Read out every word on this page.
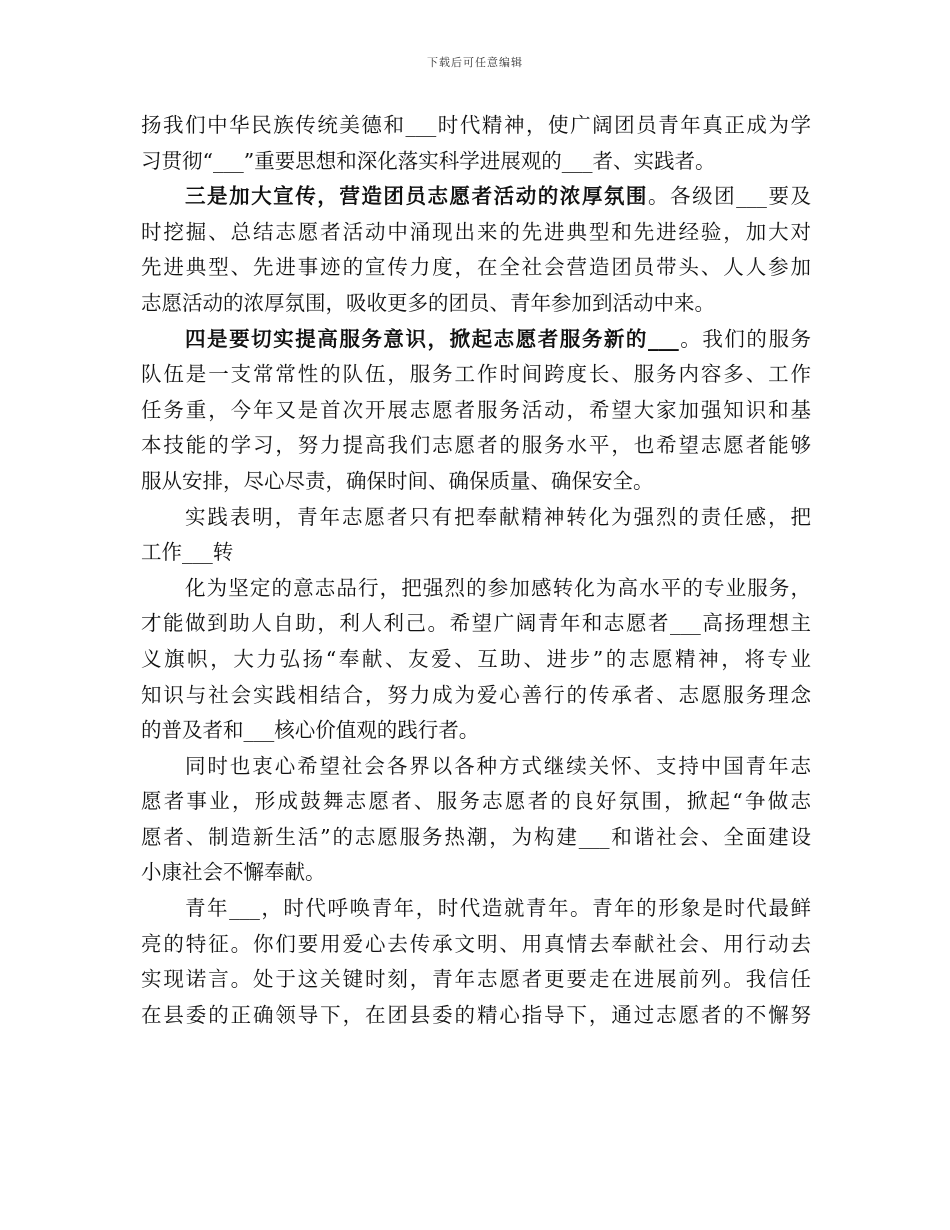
下载后可任意编辑
扬我们中华民族传统美德和___时代精神，使广阔团员青年真正成为学
习贯彻“___”重要思想和深化落实科学进展观的___者、实践者。
三是加大宣传，营造团员志愿者活动的浓厚氛围。各级团___要及
时挖掘、总结志愿者活动中涌现出来的先进典型和先进经验，加大对
先进典型、先进事迹的宣传力度，在全社会营造团员带头、人人参加
志愿活动的浓厚氛围，吸收更多的团员、青年参加到活动中来。
四是要切实提高服务意识，掀起志愿者服务新的___。我们的服务
队伍是一支常常性的队伍，服务工作时间跨度长、服务内容多、工作
任务重，今年又是首次开展志愿者服务活动，希望大家加强知识和基
本技能的学习，努力提高我们志愿者的服务水平，也希望志愿者能够
服从安排，尽心尽责，确保时间、确保质量、确保安全。
实践表明，青年志愿者只有把奉献精神转化为强烈的责任感，把
工作___转
化为坚定的意志品行，把强烈的参加感转化为高水平的专业服务，
才能做到助人自助，利人利己。希望广阔青年和志愿者___高扬理想主
义旗帜，大力弘扬“奉献、友爱、互助、进步”的志愿精神，将专业
知识与社会实践相结合，努力成为爱心善行的传承者、志愿服务理念
的普及者和___核心价值观的践行者。
同时也衷心希望社会各界以各种方式继续关怀、支持中国青年志
愿者事业，形成鼓舞志愿者、服务志愿者的良好氛围，掀起“争做志
愿者、制造新生活”的志愿服务热潮，为构建___和谐社会、全面建设
小康社会不懈奉献。
青年___，时代呼唤青年，时代造就青年。青年的形象是时代最鲜
亮的特征。你们要用爱心去传承文明、用真情去奉献社会、用行动去
实现诺言。处于这关键时刻，青年志愿者更要走在进展前列。我信任
在县委的正确领导下，在团县委的精心指导下，通过志愿者的不懈努
